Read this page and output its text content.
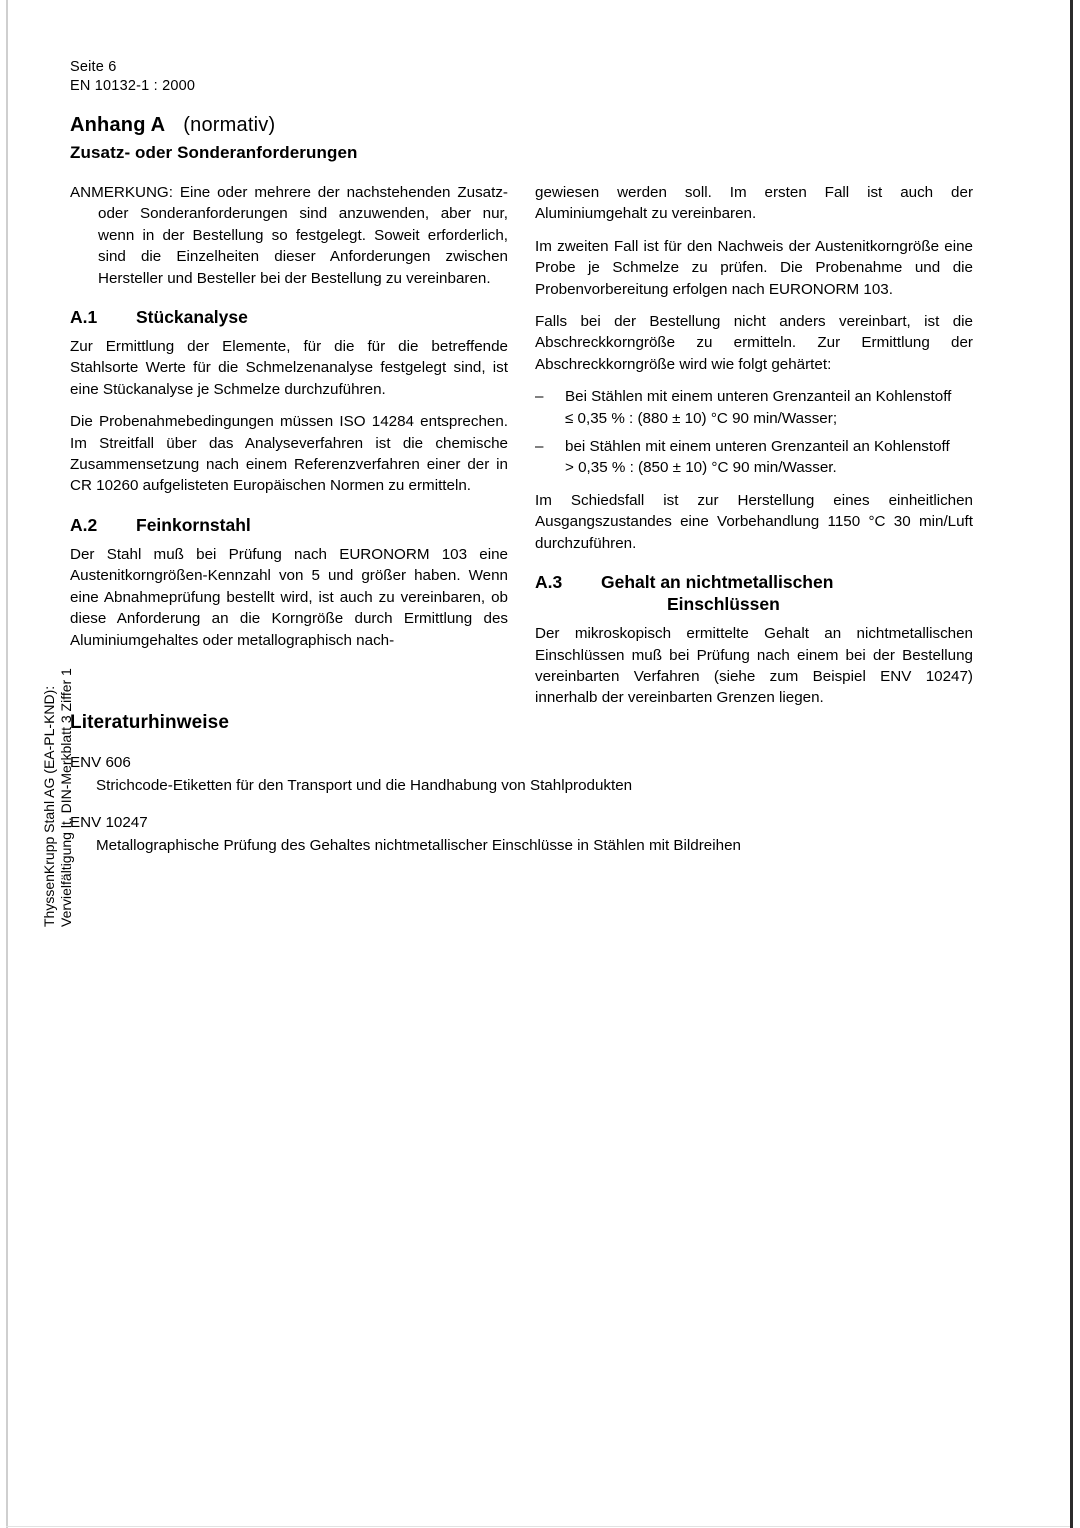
Seite 6
EN 10132-1 : 2000
Anhang A (normativ)
Zusatz- oder Sonderanforderungen

ANMERKUNG: Eine oder mehrere der nachstehenden Zusatz- oder Sonderanforderungen sind anzuwenden, aber nur, wenn in der Bestellung so festgelegt. Soweit erforderlich, sind die Einzelheiten dieser Anforderungen zwischen Hersteller und Besteller bei der Bestellung zu vereinbaren.

A.1 Stückanalyse

Zur Ermittlung der Elemente, für die für die betreffende Stahlsorte Werte für die Schmelzenanalyse festgelegt sind, ist eine Stückanalyse je Schmelze durchzuführen.

Die Probenahmebedingungen müssen ISO 14284 entsprechen. Im Streitfall über das Analyseverfahren ist die chemische Zusammensetzung nach einem Referenzverfahren einer der in CR 10260 aufgelisteten Europäischen Normen zu ermitteln.

A.2 Feinkornstahl

Der Stahl muß bei Prüfung nach EURONORM 103 eine Austenitkorngrößen-Kennzahl von 5 und größer haben. Wenn eine Abnahmeprüfung bestellt wird, ist auch zu vereinbaren, ob diese Anforderung an die Korngröße durch Ermittlung des Aluminiumgehaltes oder metallographisch nach-

gewiesen werden soll. Im ersten Fall ist auch der Aluminiumgehalt zu vereinbaren.

Im zweiten Fall ist für den Nachweis der Austenitkorngröße eine Probe je Schmelze zu prüfen. Die Probenahme und die Probenvorbereitung erfolgen nach EURONORM 103.

Falls bei der Bestellung nicht anders vereinbart, ist die Abschreckkorngröße zu ermitteln. Zur Ermittlung der Abschreckkorngröße wird wie folgt gehärtet:

– Bei Stählen mit einem unteren Grenzanteil an Kohlenstoff
≤ 0,35 % : (880 ± 10) °C 90 min/Wasser;
– bei Stählen mit einem unteren Grenzanteil an Kohlenstoff
> 0,35 % : (850 ± 10) °C 90 min/Wasser.

Im Schiedsfall ist zur Herstellung eines einheitlichen Ausgangszustandes eine Vorbehandlung 1150 °C 30 min/Luft durchzuführen.

A.3 Gehalt an nichtmetallischen
Einschlüssen

Der mikroskopisch ermittelte Gehalt an nichtmetallischen Einschlüssen muß bei Prüfung nach einem bei der Bestellung vereinbarten Verfahren (siehe zum Beispiel ENV 10247) innerhalb der vereinbarten Grenzen liegen.

Literaturhinweise
ENV 606
Strichcode-Etiketten für den Transport und die Handhabung von Stahlprodukten
ENV 10247
Metallographische Prüfung des Gehaltes nichtmetallischer Einschlüsse in Stählen mit Bildreihen
ThyssenKrupp Stahl AG (EA-PL-KND): Vervielfältigung lt. DIN-Merkblatt 3 Ziffer 1
